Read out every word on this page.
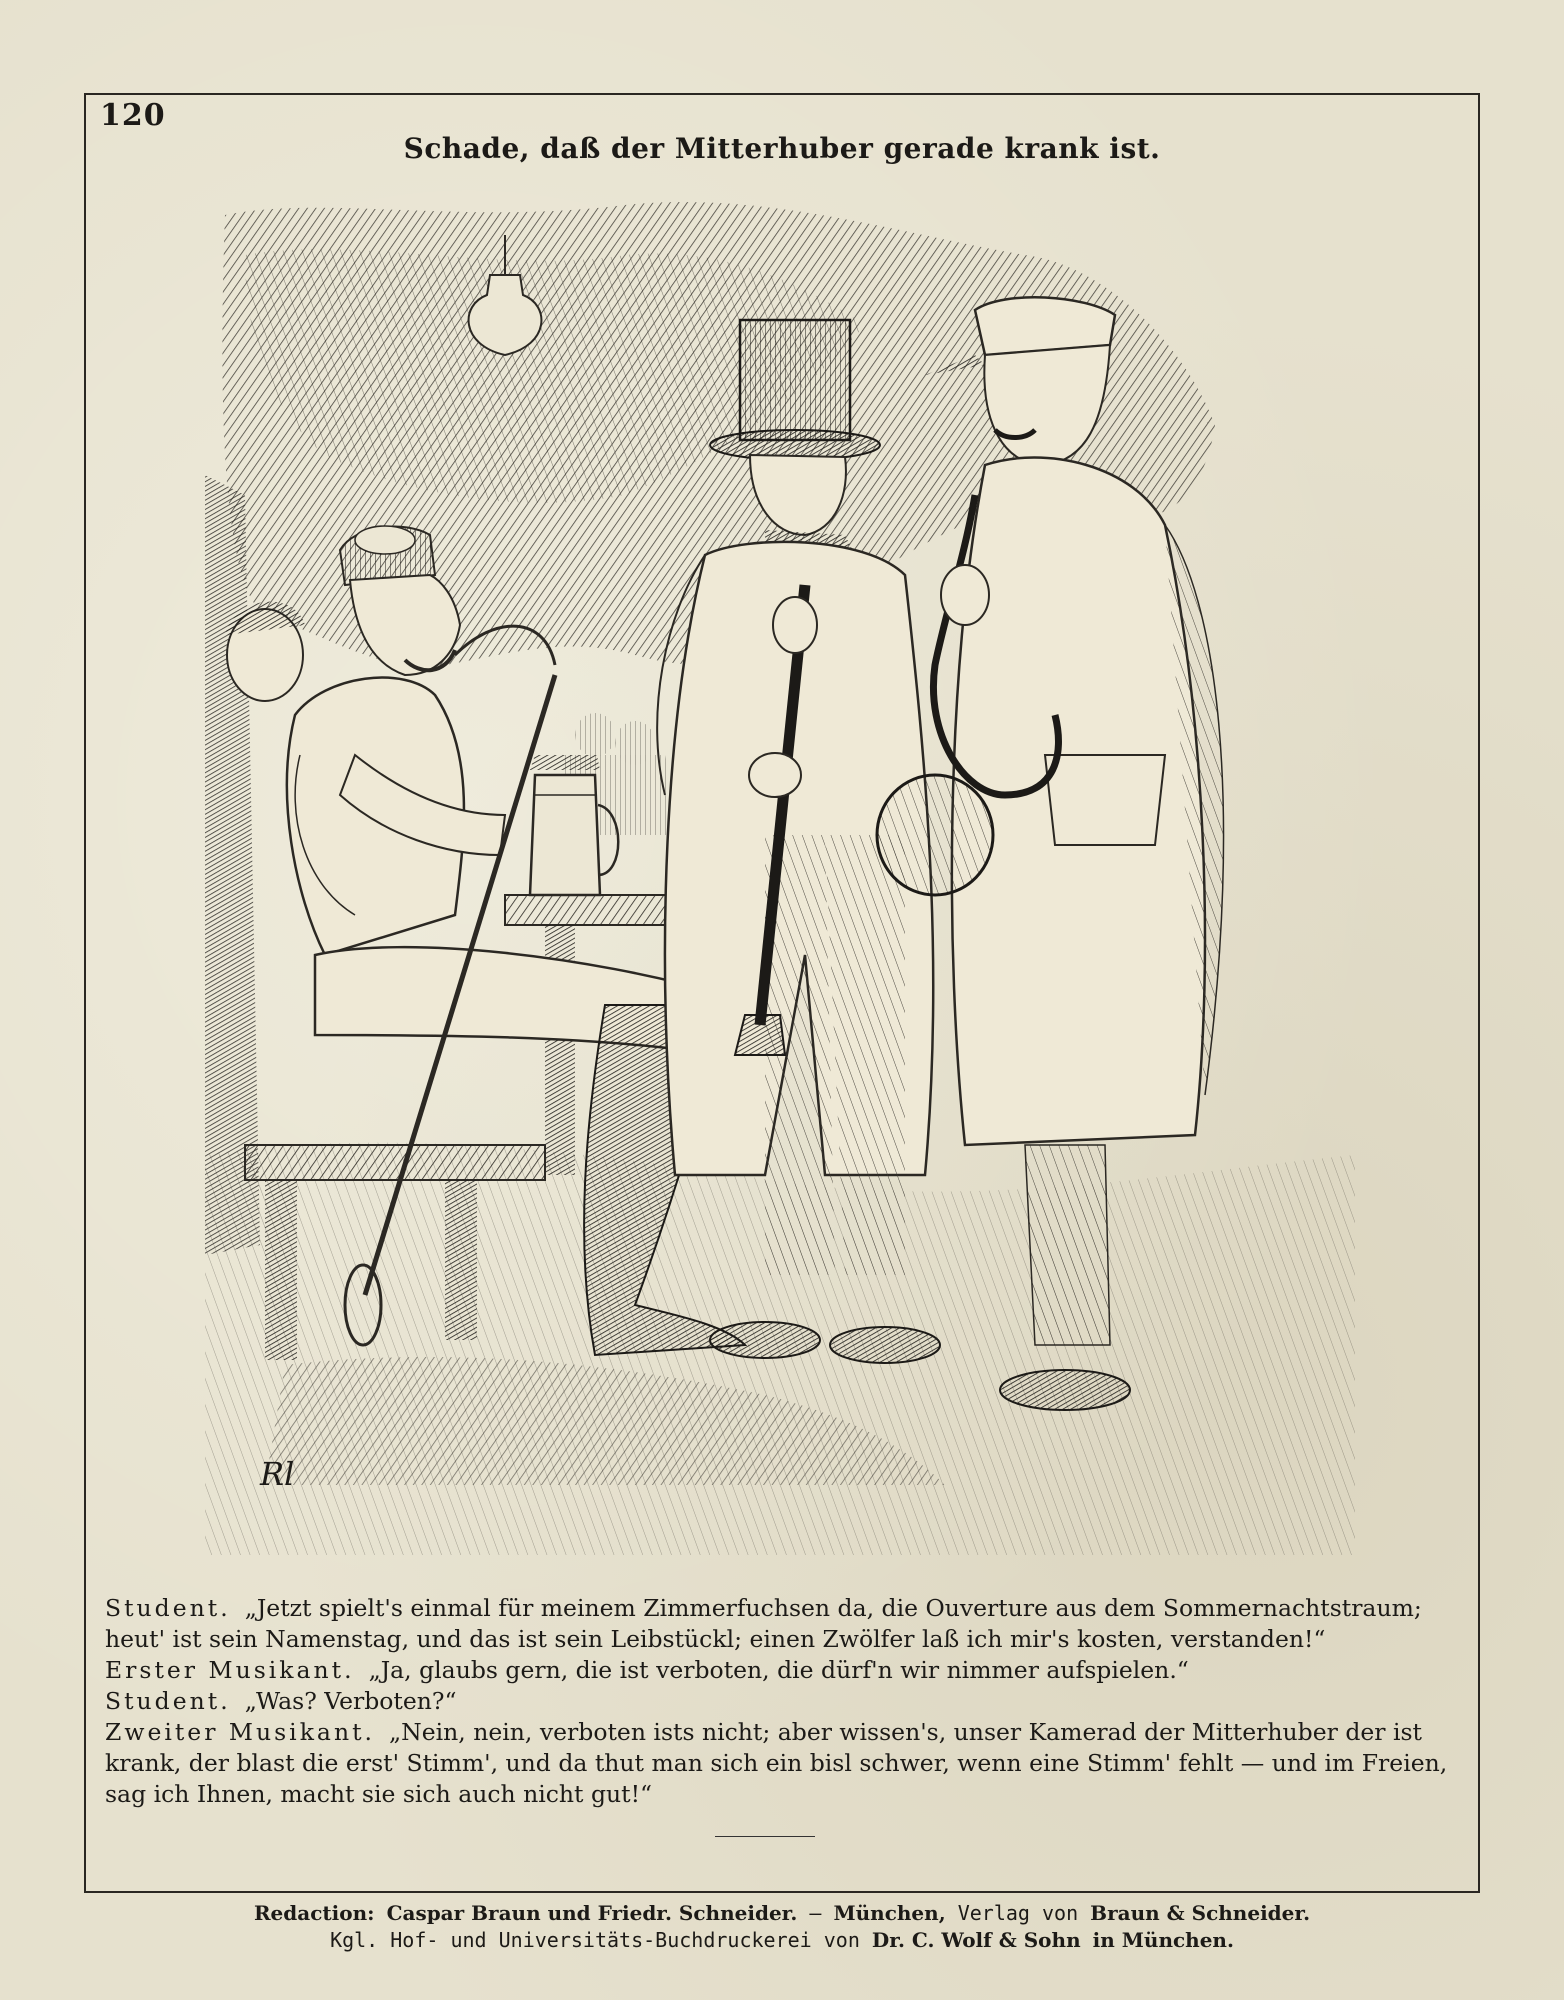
120
Schade, daß der Mitterhuber gerade krank ist.
Rl

Student. „Jetzt spielt's einmal für meinem Zimmerfuchsen da, die Ouverture aus dem Sommernachtstraum; heut' ist sein Namenstag, und das ist sein Leibstückl; einen Zwölfer laß ich mir's kosten, verstanden!“

Erster Musikant. „Ja, glaubs gern, die ist verboten, die dürf'n wir nimmer aufspielen.“

Student. „Was? Verboten?“

Zweiter Musikant. „Nein, nein, verboten ists nicht; aber wissen's, unser Kamerad der Mitterhuber der ist krank, der blast die erst' Stimm', und da thut man sich ein bisl schwer, wenn eine Stimm' fehlt — und im Freien, sag ich Ihnen, macht sie sich auch nicht gut!“

Redaction: Caspar Braun und Friedr. Schneider. — München, Verlag von Braun & Schneider.
Kgl. Hof- und Universitäts-Buchdruckerei von Dr. C. Wolf & Sohn in München.
